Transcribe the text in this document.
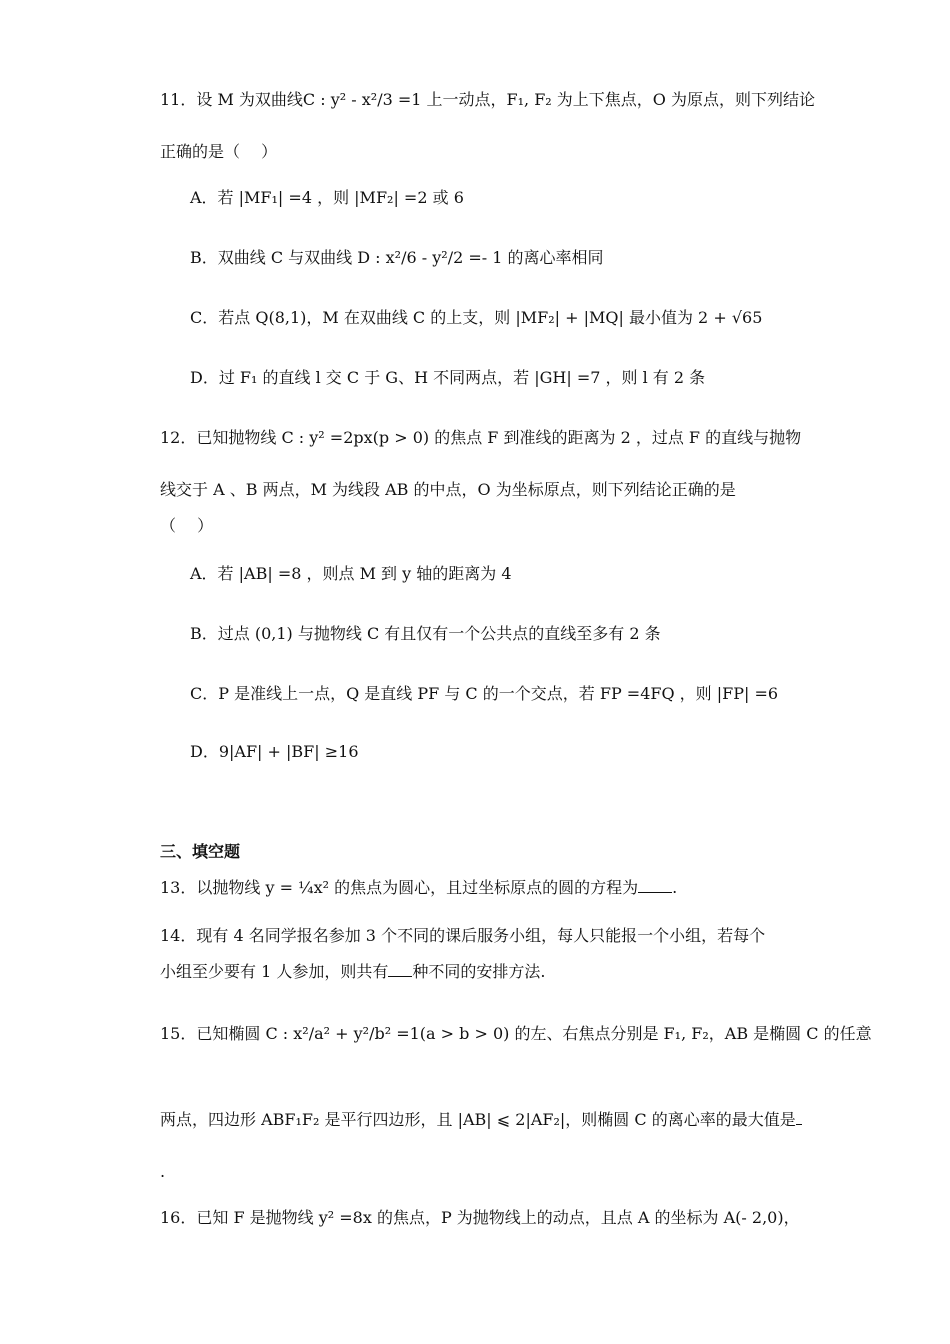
11．设 M 为双曲线C : y² - x²/3 =1 上一动点，F₁, F₂ 为上下焦点，O 为原点，则下列结论
正确的是（　 ）
A．若 |MF₁| =4 ，则 |MF₂| =2 或 6
B．双曲线 C 与双曲线 D : x²/6 - y²/2 =- 1 的离心率相同
C．若点 Q(8,1)，M 在双曲线 C 的上支，则 |MF₂| + |MQ| 最小值为 2 + √65
D．过 F₁ 的直线 l 交 C 于 G、H 不同两点，若 |GH| =7 ，则 l 有 2 条
12．已知抛物线 C : y² =2px(p > 0) 的焦点 F 到准线的距离为 2 ，过点 F 的直线与抛物
线交于 A 、B 两点，M 为线段 AB 的中点，O 为坐标原点，则下列结论正确的是
（　 ）
A．若 |AB| =8 ，则点 M 到 y 轴的距离为 4
B．过点 (0,1) 与抛物线 C 有且仅有一个公共点的直线至多有 2 条
C．P 是准线上一点，Q 是直线 PF 与 C 的一个交点，若 FP =4FQ ，则 |FP| =6
D．9|AF| + |BF| ≥16
三、填空题
13．以抛物线 y = ¼x² 的焦点为圆心，且过坐标原点的圆的方程为 .
14．现有 4 名同学报名参加 3 个不同的课后服务小组，每人只能报一个小组，若每个
小组至少要有 1 人参加，则共有 种不同的安排方法.
15．已知椭圆 C : x²/a² + y²/b² =1(a > b > 0) 的左、右焦点分别是 F₁, F₂，AB 是椭圆 C 的任意
两点，四边形 ABF₁F₂ 是平行四边形，且 |AB| ⩽ 2|AF₂|，则椭圆 C 的离心率的最大值是
.
16．已知 F 是抛物线 y² =8x 的焦点，P 为抛物线上的动点，且点 A 的坐标为 A(- 2,0)，
